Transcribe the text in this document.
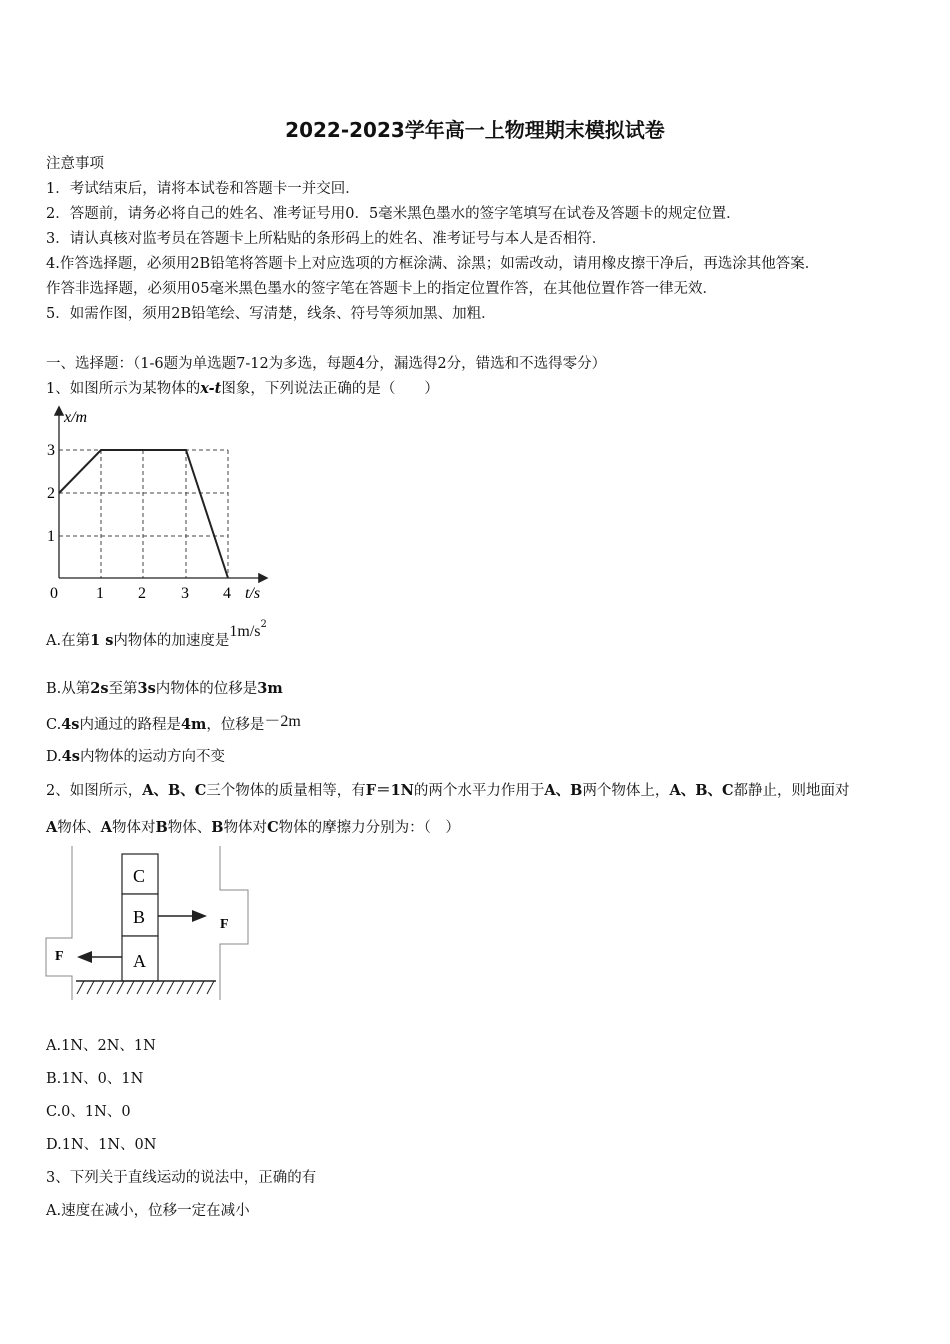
2022-2023学年高一上物理期末模拟试卷
注意事项
1．考试结束后，请将本试卷和答题卡一并交回．
2．答题前，请务必将自己的姓名、准考证号用0．5毫米黑色墨水的签字笔填写在试卷及答题卡的规定位置．
3．请认真核对监考员在答题卡上所粘贴的条形码上的姓名、准考证号与本人是否相符．
4.作答选择题，必须用2B铅笔将答题卡上对应选项的方框涂满、涂黑；如需改动，请用橡皮擦干净后，再选涂其他答案．
作答非选择题，必须用05毫米黑色墨水的签字笔在答题卡上的指定位置作答，在其他位置作答一律无效．
5．如需作图，须用2B铅笔绘、写清楚，线条、符号等须加黑、加粗．
一、选择题：（1-6题为单选题7-12为多选，每题4分，漏选得2分，错选和不选得零分）
1、如图所示为某物体的x-t图象，下列说法正确的是（　　）
x/m
t/s
1
2
3
0 1 2 3 4
A.在第1 s内物体的加速度是$1m/s^2$
B.从第2s至第3s内物体的位移是3m
C.4s内通过的路程是4m，位移是－2m
D.4s内物体的运动方向不变
2、如图所示，A、B、C三个物体的质量相等，有F＝1N的两个水平力作用于A、B两个物体上，A、B、C都静止，则地面对
A物体、A物体对B物体、B物体对C物体的摩擦力分别为：（　）
C
B
A
F
F
A.1N、2N、1N
B.1N、0、1N
C.0、1N、0
D.1N、1N、0N
3、下列关于直线运动的说法中，正确的有
A.速度在减小，位移一定在减小
